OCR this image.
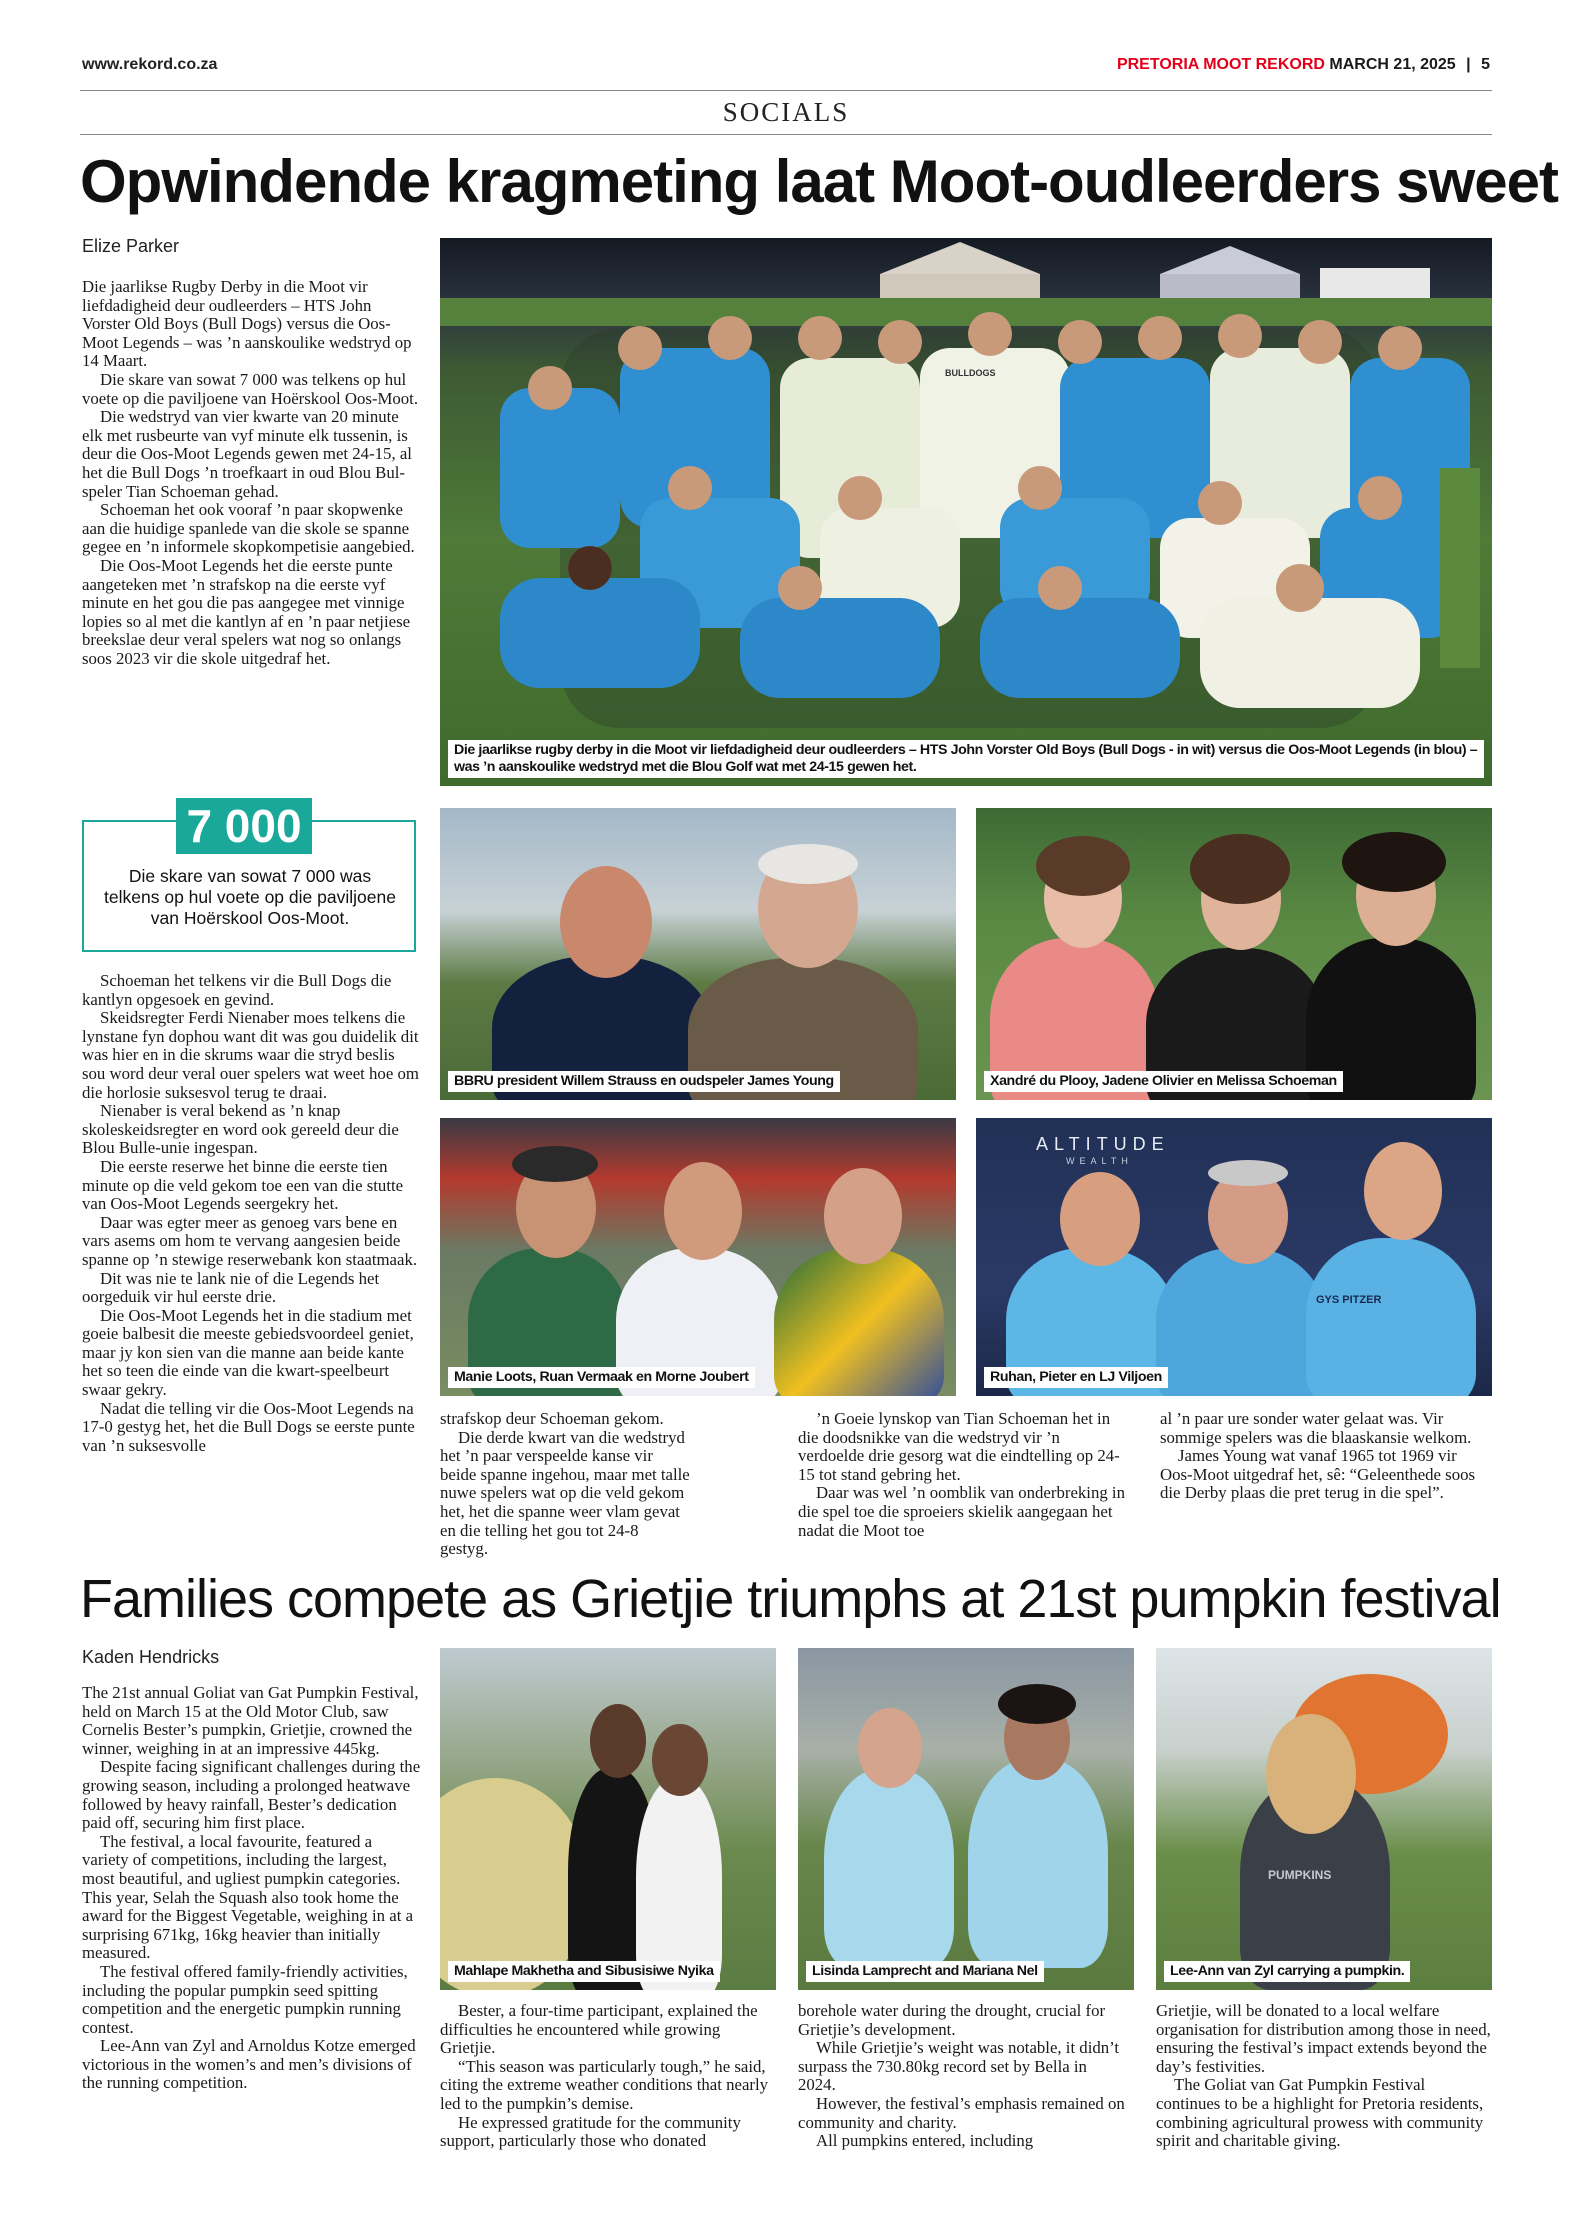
www.rekord.co.za	PRETORIA MOOT REKORD MARCH 21, 2025 | 5
SOCIALS
Opwindende kragmeting laat Moot-oudleerders sweet
Elize Parker

Die jaarlikse Rugby Derby in die Moot vir liefdadigheid deur oudleerders – HTS John Vorster Old Boys (Bull Dogs) versus die Oos-Moot Legends – was ’n aanskoulike wedstryd op 14 Maart.

Die skare van sowat 7 000 was telkens op hul voete op die paviljoene van Hoërskool Oos-Moot.

Die wedstryd van vier kwarte van 20 minute elk met rusbeurte van vyf minute elk tussenin, is deur die Oos-Moot Legends gewen met 24-15, al het die Bull Dogs ’n troefkaart in oud Blou Bul-speler Tian Schoeman gehad.

Schoeman het ook vooraf ’n paar skopwenke aan die huidige spanlede van die skole se spanne gegee en ’n informele skopkompetisie aangebied.

Die Oos-Moot Legends het die eerste punte aangeteken met ’n strafskop na die eerste vyf minute en het gou die pas aangegee met vinnige lopies so al met die kantlyn af en ’n paar netjiese breekslae deur veral spelers wat nog so onlangs soos 2023 vir die skole uitgedraf het.

7 000
Die skare van sowat 7 000 was telkens op hul voete op die paviljoene van Hoërskool Oos-Moot.

Schoeman het telkens vir die Bull Dogs die kantlyn opgesoek en gevind.

Skeidsregter Ferdi Nienaber moes telkens die lynstane fyn dophou want dit was gou duidelik dit was hier en in die skrums waar die stryd beslis sou word deur veral ouer spelers wat weet hoe om die horlosie suksesvol terug te draai.

Nienaber is veral bekend as ’n knap skoleskeidsregter en word ook gereeld deur die Blou Bulle-unie ingespan.

Die eerste reserwe het binne die eerste tien minute op die veld gekom toe een van die stutte van Oos-Moot Legends seergekry het.

Daar was egter meer as genoeg vars bene en vars asems om hom te vervang aangesien beide spanne op ’n stewige reserwebank kon staatmaak.

Dit was nie te lank nie of die Legends het oorgeduik vir hul eerste drie.

Die Oos-Moot Legends het in die stadium met goeie balbesit die meeste gebiedsvoordeel geniet, maar jy kon sien van die manne aan beide kante het so teen die einde van die kwart-speelbeurt swaar gekry.

Nadat die telling vir die Oos-Moot Legends na 17-0 gestyg het, het die Bull Dogs se eerste punte van ’n suksesvolle

BULLDOGS
Die jaarlikse rugby derby in die Moot vir liefdadigheid deur oudleerders – HTS John Vorster Old Boys (Bull Dogs - in wit) versus die Oos-Moot Legends (in blou) – was ’n aanskoulike wedstryd met die Blou Golf wat met 24-15 gewen het.
BBRU president Willem Strauss en oudspeler James Young	Xandré du Plooy, Jadene Olivier en Melissa Schoeman
Manie Loots, Ruan Vermaak en Morne Joubert
ALTITUDE
WEALTH
GYS PITZER
Ruhan, Pieter en LJ Viljoen

strafskop deur Schoeman gekom.

Die derde kwart van die wedstryd het ’n paar verspeelde kanse vir beide spanne ingehou, maar met talle nuwe spelers wat op die veld gekom het, het die spanne weer vlam gevat en die telling het gou tot 24-8 gestyg.

’n Goeie lynskop van Tian Schoeman het in die doodsnikke van die wedstryd vir ’n verdoelde drie gesorg wat die eindtelling op 24-15 tot stand gebring het.

Daar was wel ’n oomblik van onderbreking in die spel toe die sproeiers skielik aangegaan het nadat die Moot toe

al ’n paar ure sonder water gelaat was. Vir sommige spelers was die blaaskansie welkom.

James Young wat vanaf 1965 tot 1969 vir Oos-Moot uitgedraf het, sê: “Geleenthede soos die Derby plaas die pret terug in die spel”.

Families compete as Grietjie triumphs at 21st pumpkin festival
Kaden Hendricks

The 21st annual Goliat van Gat Pumpkin Festival, held on March 15 at the Old Motor Club, saw Cornelis Bester’s pumpkin, Grietjie, crowned the winner, weighing in at an impressive 445kg.

Despite facing significant challenges during the growing season, including a prolonged heatwave followed by heavy rainfall, Bester’s dedication paid off, securing him first place.

The festival, a local favourite, featured a variety of competitions, including the largest, most beautiful, and ugliest pumpkin categories. This year, Selah the Squash also took home the award for the Biggest Vegetable, weighing in at a surprising 671kg, 16kg heavier than initially measured.

The festival offered family-friendly activities, including the popular pumpkin seed spitting competition and the energetic pumpkin running contest.

Lee-Ann van Zyl and Arnoldus Kotze emerged victorious in the women’s and men’s divisions of the running competition.

Mahlape Makhetha and Sibusisiwe Nyika	Lisinda Lamprecht and Mariana Nel
PUMPKINS
Lee-Ann van Zyl carrying a pumpkin.

Bester, a four-time participant, explained the difficulties he encountered while growing Grietjie.

“This season was particularly tough,” he said, citing the extreme weather conditions that nearly led to the pumpkin’s demise.

He expressed gratitude for the community support, particularly those who donated

borehole water during the drought, crucial for Grietjie’s development.

While Grietjie’s weight was notable, it didn’t surpass the 730.80kg record set by Bella in 2024.

However, the festival’s emphasis remained on community and charity.

All pumpkins entered, including

Grietjie, will be donated to a local welfare organisation for distribution among those in need, ensuring the festival’s impact extends beyond the day’s festivities.

The Goliat van Gat Pumpkin Festival continues to be a highlight for Pretoria residents, combining agricultural prowess with community spirit and charitable giving.
